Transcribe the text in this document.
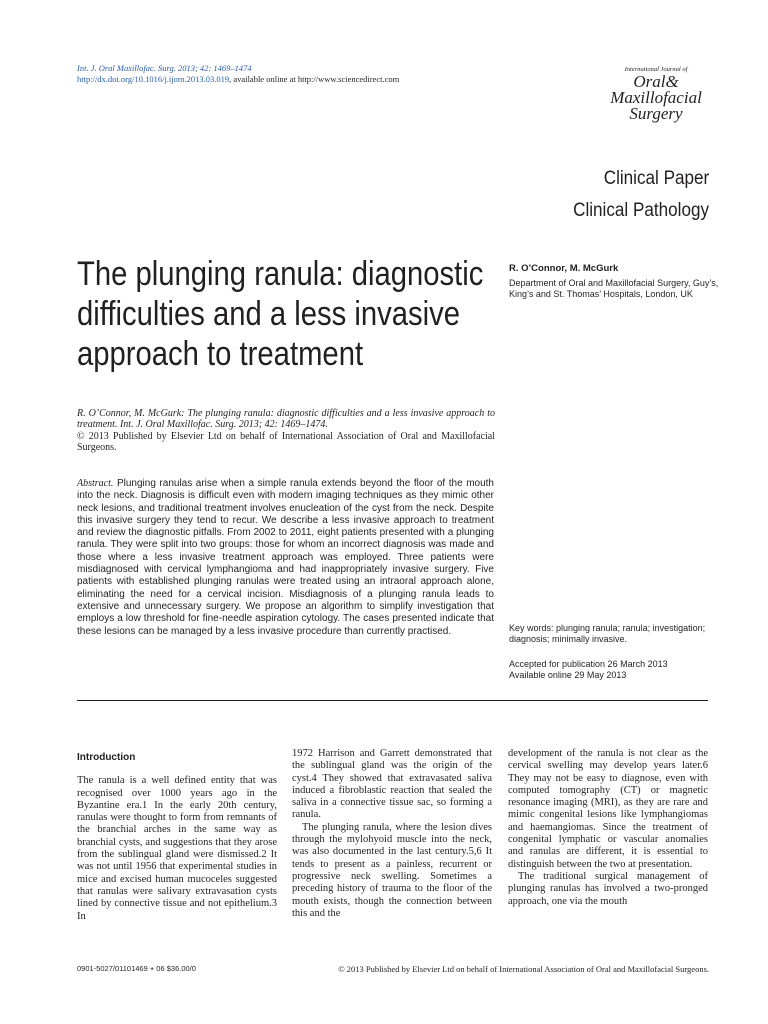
Int. J. Oral Maxillofac. Surg. 2013; 42: 1469–1474
http://dx.doi.org/10.1016/j.ijom.2013.03.019, available online at http://www.sciencedirect.com
International Journal of
Oral&
Maxillofacial
Surgery
Clinical Paper
Clinical Pathology
The plunging ranula: diagnostic
difficulties and a less invasive
approach to treatment
R. O’Connor, M. McGurk
Department of Oral and Maxillofacial Surgery, Guy’s, King’s and St. Thomas’ Hospitals, London, UK
R. O’Connor, M. McGurk: The plunging ranula: diagnostic difficulties and a less invasive approach to treatment. Int. J. Oral Maxillofac. Surg. 2013; 42: 1469–1474.
© 2013 Published by Elsevier Ltd on behalf of International Association of Oral and Maxillofacial Surgeons.
Abstract. Plunging ranulas arise when a simple ranula extends beyond the floor of the mouth into the neck. Diagnosis is difficult even with modern imaging techniques as they mimic other neck lesions, and traditional treatment involves enucleation of the cyst from the neck. Despite this invasive surgery they tend to recur. We describe a less invasive approach to treatment and review the diagnostic pitfalls. From 2002 to 2011, eight patients presented with a plunging ranula. They were split into two groups: those for whom an incorrect diagnosis was made and those where a less invasive treatment approach was employed. Three patients were misdiagnosed with cervical lymphangioma and had inappropriately invasive surgery. Five patients with established plunging ranulas were treated using an intraoral approach alone, eliminating the need for a cervical incision. Misdiagnosis of a plunging ranula leads to extensive and unnecessary surgery. We propose an algorithm to simplify investigation that employs a low threshold for fine-needle aspiration cytology. The cases presented indicate that these lesions can be managed by a less invasive procedure than currently practised.	Key words: plunging ranula; ranula; investigation; diagnosis; minimally invasive.
Accepted for publication 26 March 2013
Available online 29 May 2013
Introduction

The ranula is a well defined entity that was recognised over 1000 years ago in the Byzantine era.1 In the early 20th century, ranulas were thought to form from remnants of the branchial arches in the same way as branchial cysts, and suggestions that they arose from the sublingual gland were dismissed.2 It was not until 1956 that experimental studies in mice and excised human mucoceles suggested that ranulas were salivary extravasation cysts lined by connective tissue and not epithelium.3 In

1972 Harrison and Garrett demonstrated that the sublingual gland was the origin of the cyst.4 They showed that extravasated saliva induced a fibroblastic reaction that sealed the saliva in a connective tissue sac, so forming a ranula.

The plunging ranula, where the lesion dives through the mylohyoid muscle into the neck, was also documented in the last century.5,6 It tends to present as a painless, recurrent or progressive neck swelling. Sometimes a preceding history of trauma to the floor of the mouth exists, though the connection between this and the

development of the ranula is not clear as the cervical swelling may develop years later.6 They may not be easy to diagnose, even with computed tomography (CT) or magnetic resonance imaging (MRI), as they are rare and mimic congenital lesions like lymphangiomas and haemangiomas. Since the treatment of congenital lymphatic or vascular anomalies and ranulas are different, it is essential to distinguish between the two at presentation.

The traditional surgical management of plunging ranulas has involved a two-pronged approach, one via the mouth

0901-5027/01101469 + 06 $36.00/0	© 2013 Published by Elsevier Ltd on behalf of International Association of Oral and Maxillofacial Surgeons.
